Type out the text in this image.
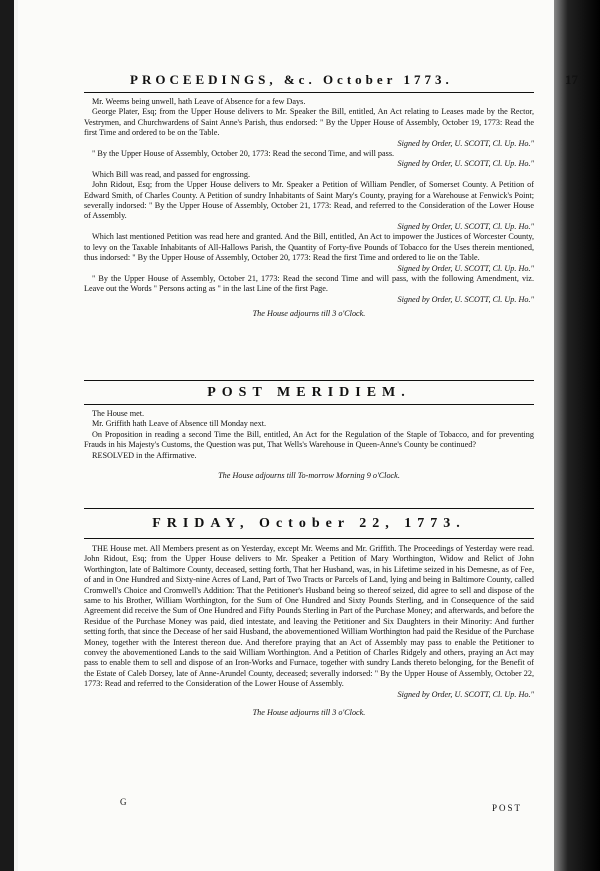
PROCEEDINGS, &c. October 1773.	17

Mr. Weems being unwell, hath Leave of Absence for a few Days.

George Plater, Esq; from the Upper House delivers to Mr. Speaker the Bill, entitled, An Act relating to Leases made by the Rector, Vestrymen, and Churchwardens of Saint Anne's Parish, thus endorsed: " By the Upper House of Assembly, October 19, 1773: Read the first Time and ordered to be on the Table.

Signed by Order, U. SCOTT, Cl. Up. Ho."

" By the Upper House of Assembly, October 20, 1773: Read the second Time, and will pass.

Signed by Order, U. SCOTT, Cl. Up. Ho."

Which Bill was read, and passed for engrossing.

John Ridout, Esq; from the Upper House delivers to Mr. Speaker a Petition of William Pendler, of Somerset County. A Petition of Edward Smith, of Charles County. A Petition of sundry Inhabitants of Saint Mary's County, praying for a Warehouse at Fenwick's Point; severally indorsed: " By the Upper House of Assembly, October 21, 1773: Read, and referred to the Consideration of the Lower House of Assembly.

Signed by Order, U. SCOTT, Cl. Up. Ho."

Which last mentioned Petition was read here and granted. And the Bill, entitled, An Act to impower the Justices of Worcester County, to levy on the Taxable Inhabitants of All-Hallows Parish, the Quantity of Forty-five Pounds of Tobacco for the Uses therein mentioned, thus indorsed: " By the Upper House of Assembly, October 20, 1773: Read the first Time and ordered to lie on the Table.

Signed by Order, U. SCOTT, Cl. Up. Ho."

" By the Upper House of Assembly, October 21, 1773: Read the second Time and will pass, with the following Amendment, viz. Leave out the Words " Persons acting as " in the last Line of the first Page.

Signed by Order, U. SCOTT, Cl. Up. Ho."
The House adjourns till 3 o'Clock.
POST MERIDIEM.

The House met.

Mr. Griffith hath Leave of Absence till Monday next.

On Proposition in reading a second Time the Bill, entitled, An Act for the Regulation of the Staple of Tobacco, and for preventing Frauds in his Majesty's Customs, the Question was put, That Wells's Warehouse in Queen-Anne's County be continued?

RESOLVED in the Affirmative.

The House adjourns till To-morrow Morning 9 o'Clock.
FRIDAY, October 22, 1773.

THE House met. All Members present as on Yesterday, except Mr. Weems and Mr. Griffith. The Proceedings of Yesterday were read. John Ridout, Esq; from the Upper House delivers to Mr. Speaker a Petition of Mary Worthington, Widow and Relict of John Worthington, late of Baltimore County, deceased, setting forth, That her Husband, was, in his Lifetime seized in his Demesne, as of Fee, of and in One Hundred and Sixty-nine Acres of Land, Part of Two Tracts or Parcels of Land, lying and being in Baltimore County, called Cromwell's Choice and Cromwell's Addition: That the Petitioner's Husband being so thereof seized, did agree to sell and dispose of the same to his Brother, William Worthington, for the Sum of One Hundred and Sixty Pounds Sterling, and in Consequence of the said Agreement did receive the Sum of One Hundred and Fifty Pounds Sterling in Part of the Purchase Money; and afterwards, and before the Residue of the Purchase Money was paid, died intestate, and leaving the Petitioner and Six Daughters in their Minority: And further setting forth, that since the Decease of her said Husband, the abovementioned William Worthington had paid the Residue of the Purchase Money, together with the Interest thereon due. And therefore praying that an Act of Assembly may pass to enable the Petitioner to convey the abovementioned Lands to the said William Worthington. And a Petition of Charles Ridgely and others, praying an Act may pass to enable them to sell and dispose of an Iron-Works and Furnace, together with sundry Lands thereto belonging, for the Benefit of the Estate of Caleb Dorsey, late of Anne-Arundel County, deceased; severally indorsed: " By the Upper House of Assembly, October 22, 1773: Read and referred to the Consideration of the Lower House of Assembly.

Signed by Order, U. SCOTT, Cl. Up. Ho."
The House adjourns till 3 o'Clock.
G
POST
